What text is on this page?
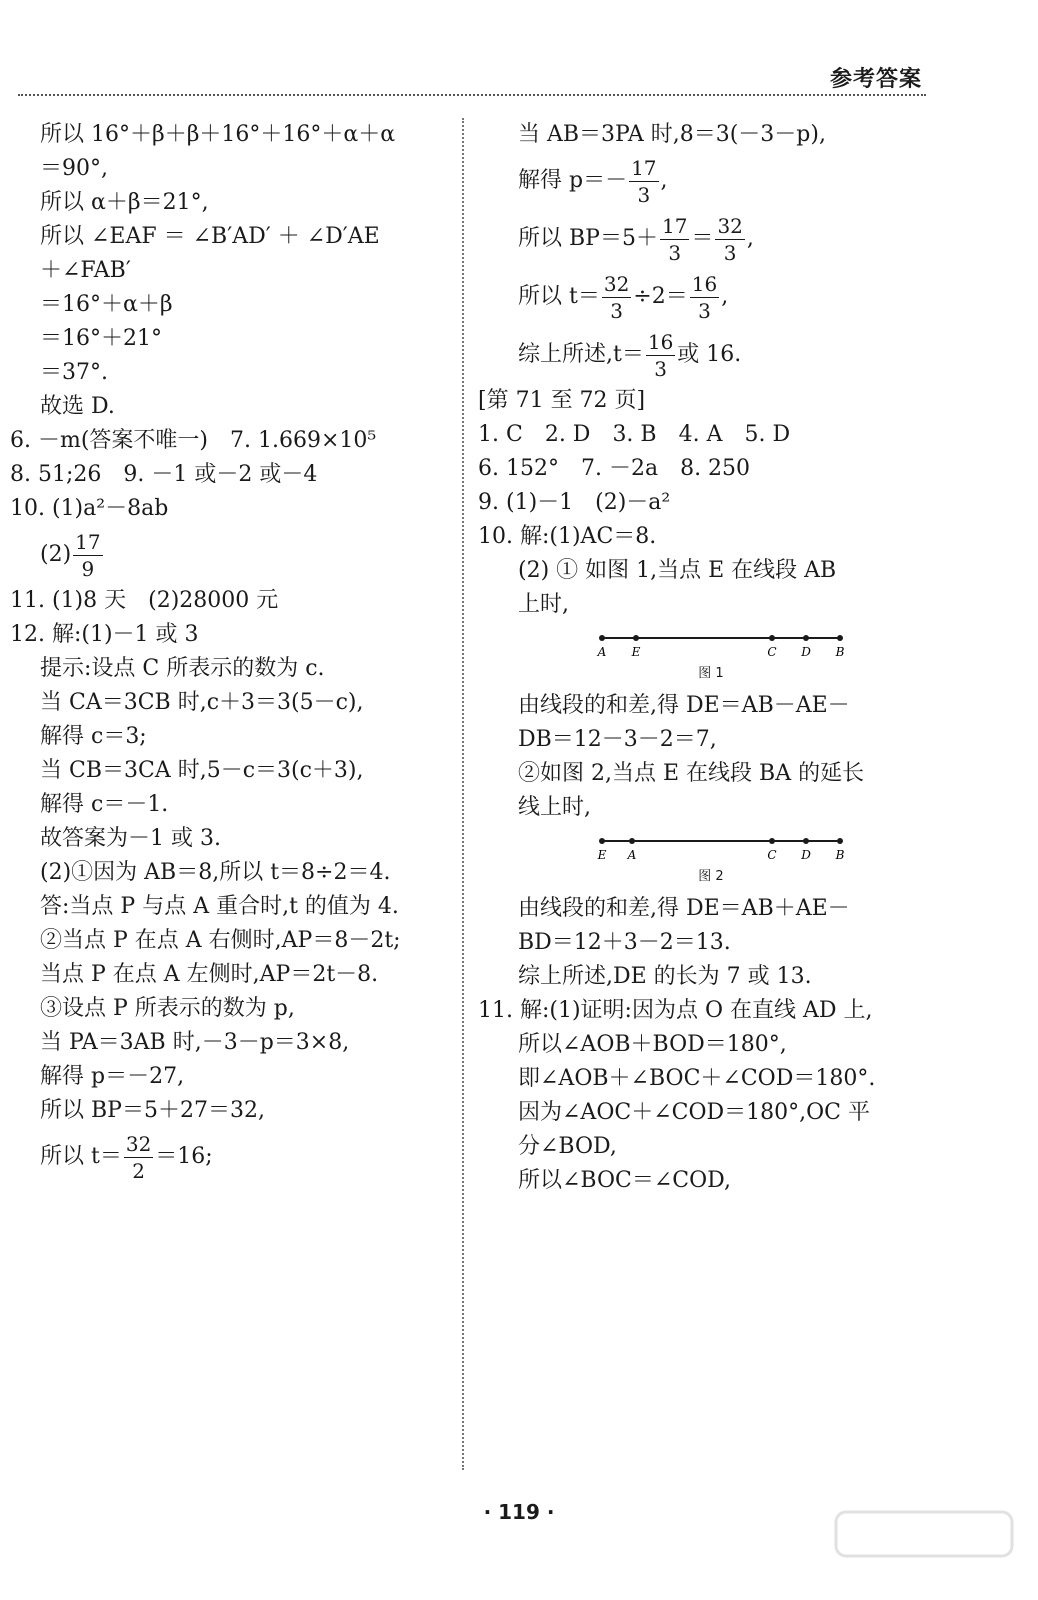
参考答案
所以 16°＋β＋β＋16°＋16°＋α＋α
＝90°,
所以 α＋β＝21°,
所以 ∠EAF ＝ ∠B′AD′ ＋ ∠D′AE
＋∠FAB′
＝16°＋α＋β
＝16°＋21°
＝37°.
故选 D.
6. －m(答案不唯一)　7. 1.669×10⁵
8. 51;26　9. －1 或－2 或－4
10. (1)a²－8ab
$(2) \frac{17}{9}$
11. (1)8 天　(2)28000 元
12. 解:(1)－1 或 3
提示:设点 C 所表示的数为 c.
当 CA＝3CB 时,c＋3＝3(5－c),
解得 c＝3;
当 CB＝3CA 时,5－c＝3(c＋3),
解得 c＝－1.
故答案为－1 或 3.
(2)①因为 AB＝8,所以 t＝8÷2＝4.
答:当点 P 与点 A 重合时,t 的值为 4.
②当点 P 在点 A 右侧时,AP＝8－2t;
当点 P 在点 A 左侧时,AP＝2t－8.
③设点 P 所表示的数为 p,
当 PA＝3AB 时,－3－p＝3×8,
解得 p＝－27,
所以 BP＝5＋27＝32,
所以 $t= \frac{32}{2} =16$;
当 AB＝3PA 时,8＝3(－3－p),
解得 $p=- \frac{17}{3}$ ,
所以 $BP=5+ \frac{17}{3} = \frac{32}{3}$ ,
所以 $t= \frac{32}{3} \div 2= \frac{16}{3}$ ,
综上所述$,t= \frac{16}{3}$ 或 16.
[第 71 至 72 页]
1. C　2. D　3. B　4. A　5. D
6. 152°　7. －2a　8. 250
9. (1)－1　(2)－a²
10. 解:(1)AC＝8.
(2) ① 如图 1,当点 E 在线段 AB
上时,
A E	C D B
图 1
由线段的和差,得 DE＝AB－AE－
DB＝12－3－2＝7,
②如图 2,当点 E 在线段 BA 的延长
线上时,
E A	C D B
图 2
由线段的和差,得 DE＝AB＋AE－
BD＝12＋3－2＝13.
综上所述,DE 的长为 7 或 13.
11. 解:(1)证明:因为点 O 在直线 AD 上,
所以∠AOB＋BOD＝180°,
即∠AOB＋∠BOC＋∠COD＝180°.
因为∠AOC＋∠COD＝180°,OC 平
分∠BOD,
所以∠BOC＝∠COD,
· 119 ·
